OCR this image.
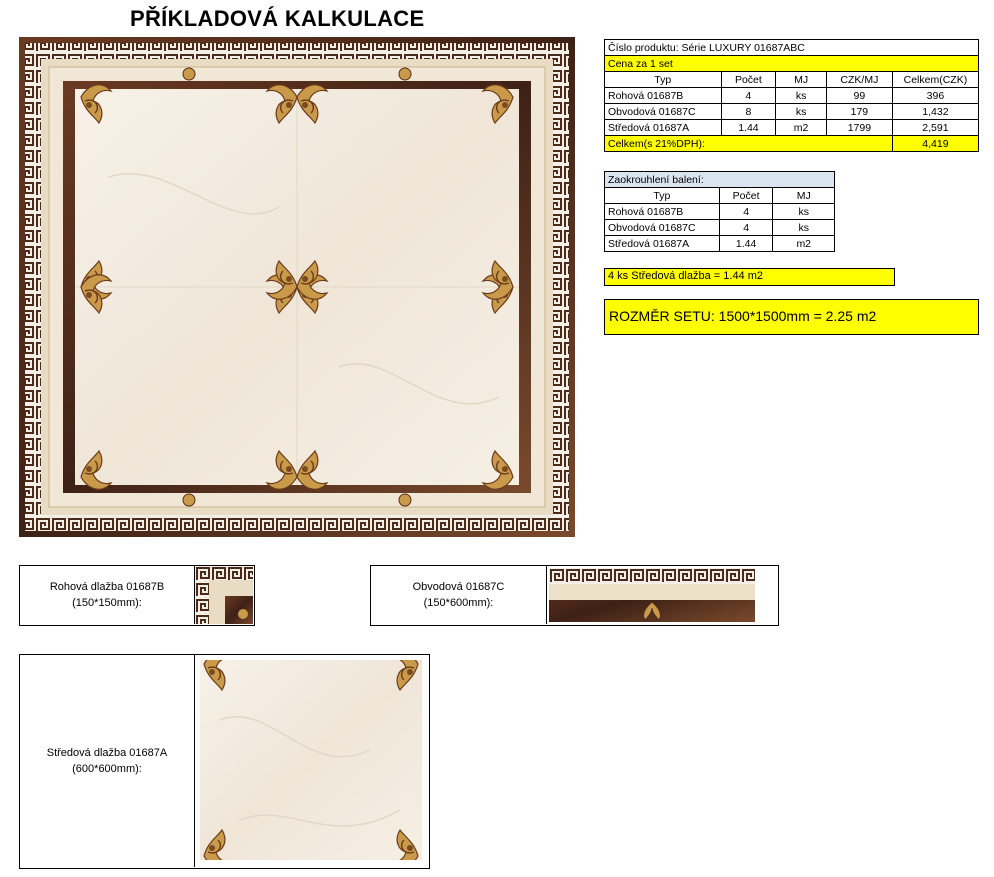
PŘÍKLADOVÁ KALKULACE
Číslo produktu: Série LUXURY 01687ABC				
Cena za 1 set				
Typ	Počet	MJ	CZK/MJ	Celkem(CZK)
Rohová 01687B	4	ks	99	396
Obvodová 01687C	8	ks	179	1,432
Středová 01687A	1.44	m2	1799	2,591
Celkem(s 21%DPH):				4,419
Zaokrouhlení balení:		
Typ	Počet	MJ
Rohová 01687B	4	ks
Obvodová 01687C	4	ks
Středová 01687A	1.44	m2
4 ks Středová dlažba = 1.44 m2
ROZMĚR SETU: 1500*1500mm = 2.25 m2
Rohová dlažba 01687B
(150*150mm):
Obvodová 01687C
(150*600mm):
Středová dlažba 01687A
(600*600mm):
